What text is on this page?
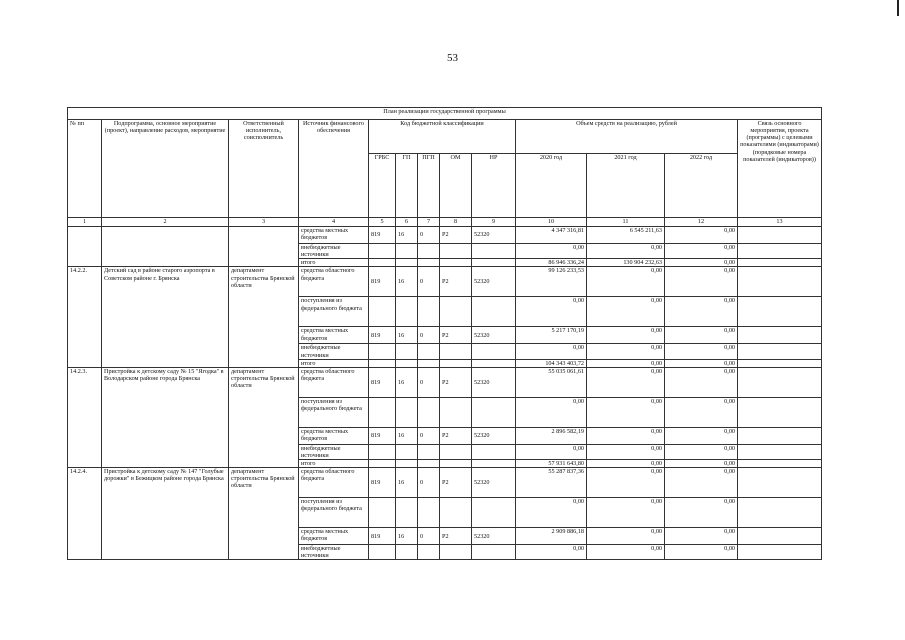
53
План реализации государственной программы												
№ пп	Подпрограмма, основное мероприятие (проект), направление расходов, мероприятие	Ответственный исполнитель, соисполнитель	Источник финансового обеспечения	Код бюджетной классификации					Объем средств на реализацию, рублей			Связь основного мероприятия, проекта (программы) с целевыми показателями (индикаторами) (порядковые номера показателей (индикаторов))
				ГРБС	ГП	ПГП	ОМ	НР	2020 год	2021 год	2022 год	
1	2	3	4	5	6	7	8	9	10	11	12	13
			средства местных бюджетов	819	16	0	Р2	52320	4 347 316,81	6 545 211,63	0,00	
			внебюджетные источники						0,00	0,00	0,00	
			итого						86 946 336,24	130 904 232,63	0,00	
14.2.2.	Детский сад в районе старого аэропорта в Советском районе г. Брянска	департамент строительства Брянской области	средства областного бюджета	819	16	0	Р2	52320	99 126 233,53	0,00	0,00	
			поступления из федерального бюджета						0,00	0,00	0,00	
			средства местных бюджетов	819	16	0	Р2	52320	5 217 170,19	0,00	0,00	
			внебюджетные источники						0,00	0,00	0,00	
			итого						104 343 403,72	0,00	0,00	
14.2.3.	Пристройка к детскому саду № 15 "Ягодка" в Володарском районе города Брянска	департамент строительства Брянской области	средства областного бюджета	819	16	0	Р2	52320	55 035 061,61	0,00	0,00	
			поступления из федерального бюджета						0,00	0,00	0,00	
			средства местных бюджетов	819	16	0	Р2	52320	2 896 582,19	0,00	0,00	
			внебюджетные источники						0,00	0,00	0,00	
			итого						57 931 643,80	0,00	0,00	
14.2.4.	Пристройка к детскому саду № 147 "Голубые дорожки" в Бежицком районе города Брянска	департамент строительства Брянской области	средства областного бюджета	819	16	0	Р2	52320	55 287 837,36	0,00	0,00	
			поступления из федерального бюджета						0,00	0,00	0,00	
			средства местных бюджетов	819	16	0	Р2	52320	2 909 886,18	0,00	0,00	
			внебюджетные источники						0,00	0,00	0,00	
